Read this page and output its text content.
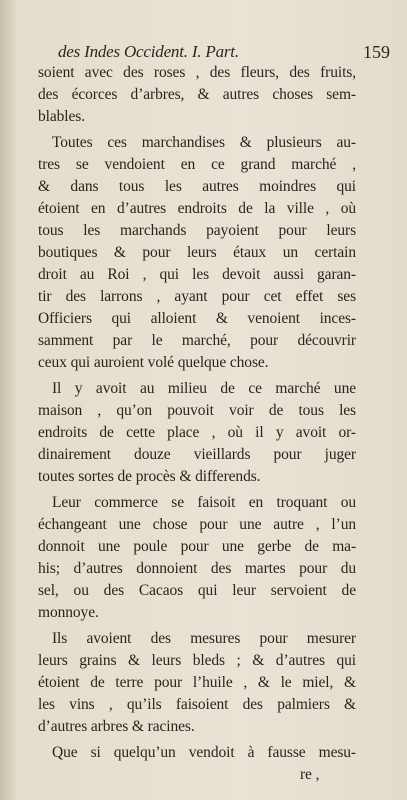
des Indes Occident. I. Part.	159
soient avec des roses , des fleurs, des fruits,
des écorces d’arbres, & autres choses sem-
blables.
Toutes ces marchandises & plusieurs au-
tres se vendoient en ce grand marché ,
& dans tous les autres moindres qui
étoient en d’autres endroits de la ville , où
tous les marchands payoient pour leurs
boutiques & pour leurs étaux un certain
droit au Roi , qui les devoit aussi garan-
tir des larrons , ayant pour cet effet ses
Officiers qui alloient & venoient inces-
samment par le marché, pour découvrir
ceux qui auroient volé quelque chose.
Il y avoit au milieu de ce marché une
maison , qu’on pouvoit voir de tous les
endroits de cette place , où il y avoit or-
dinairement douze vieillards pour juger
toutes sortes de procès & differends.
Leur commerce se faisoit en troquant ou
échangeant une chose pour une autre , l’un
donnoit une poule pour une gerbe de ma-
his; d’autres donnoient des martes pour du
sel, ou des Cacaos qui leur servoient de
monnoye.
Ils avoient des mesures pour mesurer
leurs grains & leurs bleds ; & d’autres qui
étoient de terre pour l’huile , & le miel, &
les vins , qu’ils faisoient des palmiers &
d’autres arbres & racines.
Que si quelqu’un vendoit à fausse mesu-
re ,
